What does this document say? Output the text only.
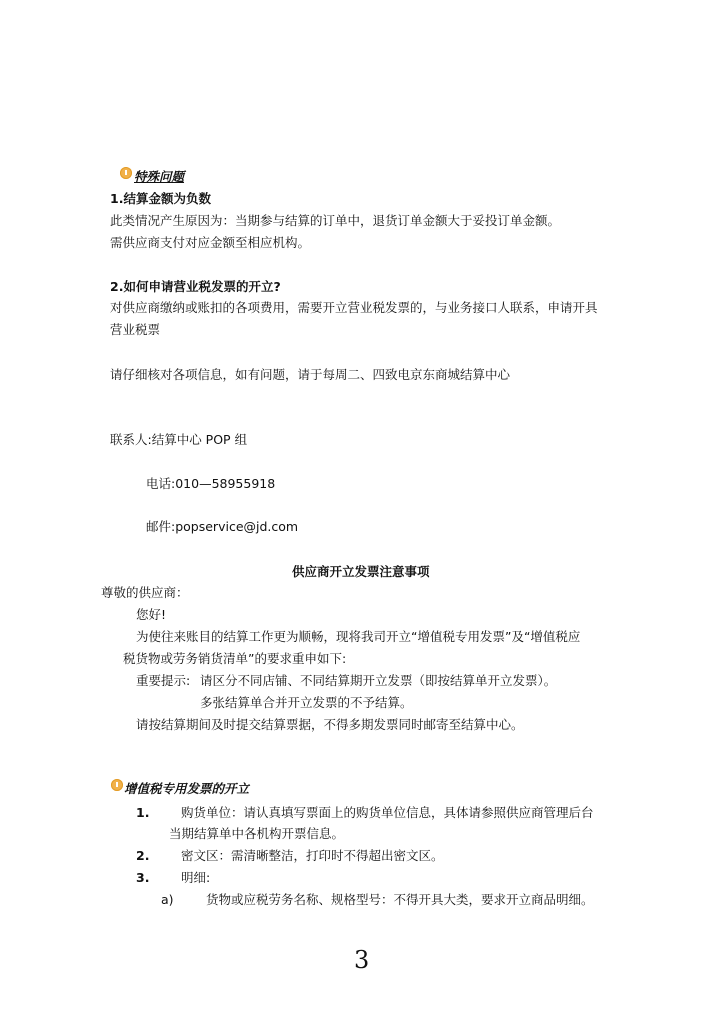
特殊问题
1.结算金额为负数
此类情况产生原因为：当期参与结算的订单中，退货订单金额大于妥投订单金额。
需供应商支付对应金额至相应机构。
2.如何申请营业税发票的开立?
对供应商缴纳或账扣的各项费用，需要开立营业税发票的，与业务接口人联系，申请开具
营业税票
请仔细核对各项信息，如有问题，请于每周二、四致电京东商城结算中心
联系人:结算中心 POP 组
电话:010—58955918
邮件:popservice@jd.com
供应商开立发票注意事项
尊敬的供应商：
您好!
为使往来账目的结算工作更为顺畅，现将我司开立“增值税专用发票”及“增值税应
税货物或劳务销货清单”的要求重申如下:
重要提示: 请区分不同店铺、不同结算期开立发票（即按结算单开立发票）。
多张结算单合并开立发票的不予结算。
请按结算期间及时提交结算票据，不得多期发票同时邮寄至结算中心。
增值税专用发票的开立
1.	购货单位：请认真填写票面上的购货单位信息，具体请参照供应商管理后台
当期结算单中各机构开票信息。
2.	密文区：需清晰整洁，打印时不得超出密文区。
3.	明细:
a)	货物或应税劳务名称、规格型号：不得开具大类，要求开立商品明细。
3
